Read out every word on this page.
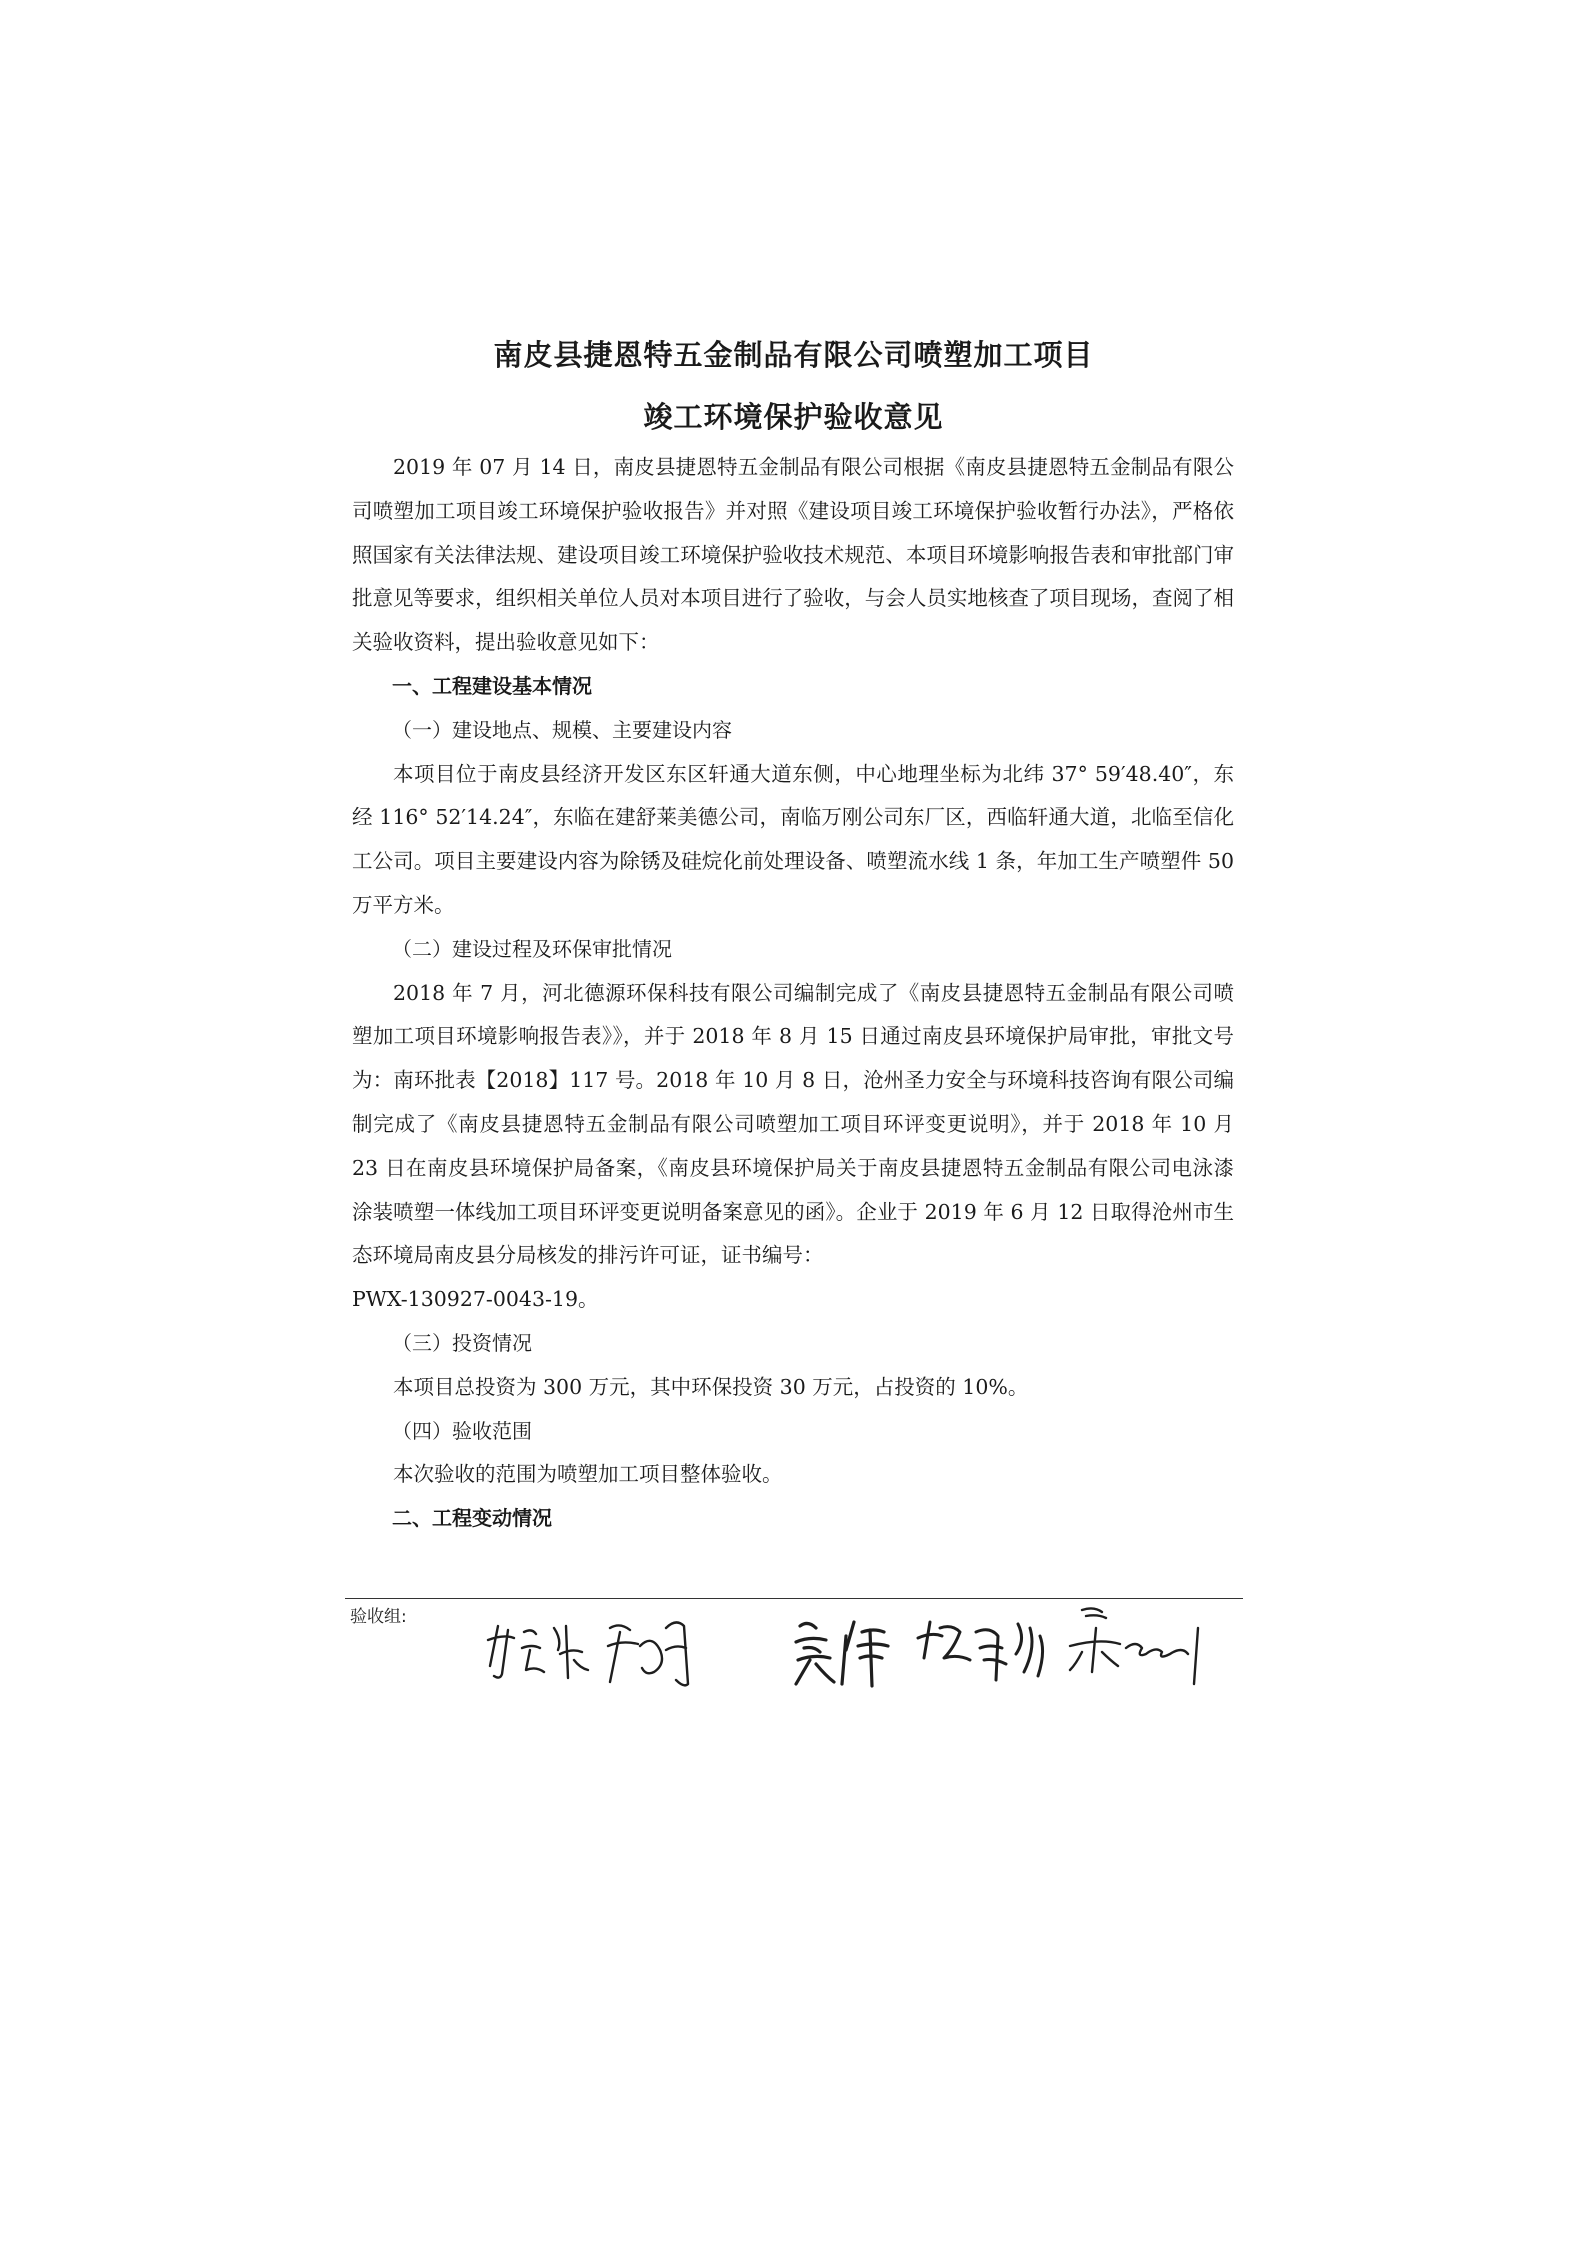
南皮县捷恩特五金制品有限公司喷塑加工项目
竣工环境保护验收意见

2019 年 07 月 14 日，南皮县捷恩特五金制品有限公司根据《南皮县捷恩特五金制品有限公司喷塑加工项目竣工环境保护验收报告》并对照《建设项目竣工环境保护验收暂行办法》，严格依照国家有关法律法规、建设项目竣工环境保护验收技术规范、本项目环境影响报告表和审批部门审批意见等要求，组织相关单位人员对本项目进行了验收，与会人员实地核查了项目现场，查阅了相关验收资料，提出验收意见如下：

一、工程建设基本情况

（一）建设地点、规模、主要建设内容

本项目位于南皮县经济开发区东区轩通大道东侧，中心地理坐标为北纬 37° 59′48.40″，东经 116° 52′14.24″，东临在建舒莱美德公司，南临万刚公司东厂区，西临轩通大道，北临至信化工公司。项目主要建设内容为除锈及硅烷化前处理设备、喷塑流水线 1 条，年加工生产喷塑件 50 万平方米。

（二）建设过程及环保审批情况

2018 年 7 月，河北德源环保科技有限公司编制完成了《南皮县捷恩特五金制品有限公司喷塑加工项目环境影响报告表》》，并于 2018 年 8 月 15 日通过南皮县环境保护局审批，审批文号为：南环批表【2018】117 号。2018 年 10 月 8 日，沧州圣力安全与环境科技咨询有限公司编制完成了《南皮县捷恩特五金制品有限公司喷塑加工项目环评变更说明》，并于 2018 年 10 月 23 日在南皮县环境保护局备案，《南皮县环境保护局关于南皮县捷恩特五金制品有限公司电泳漆涂装喷塑一体线加工项目环评变更说明备案意见的函》。企业于 2019 年 6 月 12 日取得沧州市生态环境局南皮县分局核发的排污许可证，证书编号：

PWX-130927-0043-19。

（三）投资情况

本项目总投资为 300 万元，其中环保投资 30 万元，占投资的 10%。

（四）验收范围

本次验收的范围为喷塑加工项目整体验收。

二、工程变动情况

验收组:
